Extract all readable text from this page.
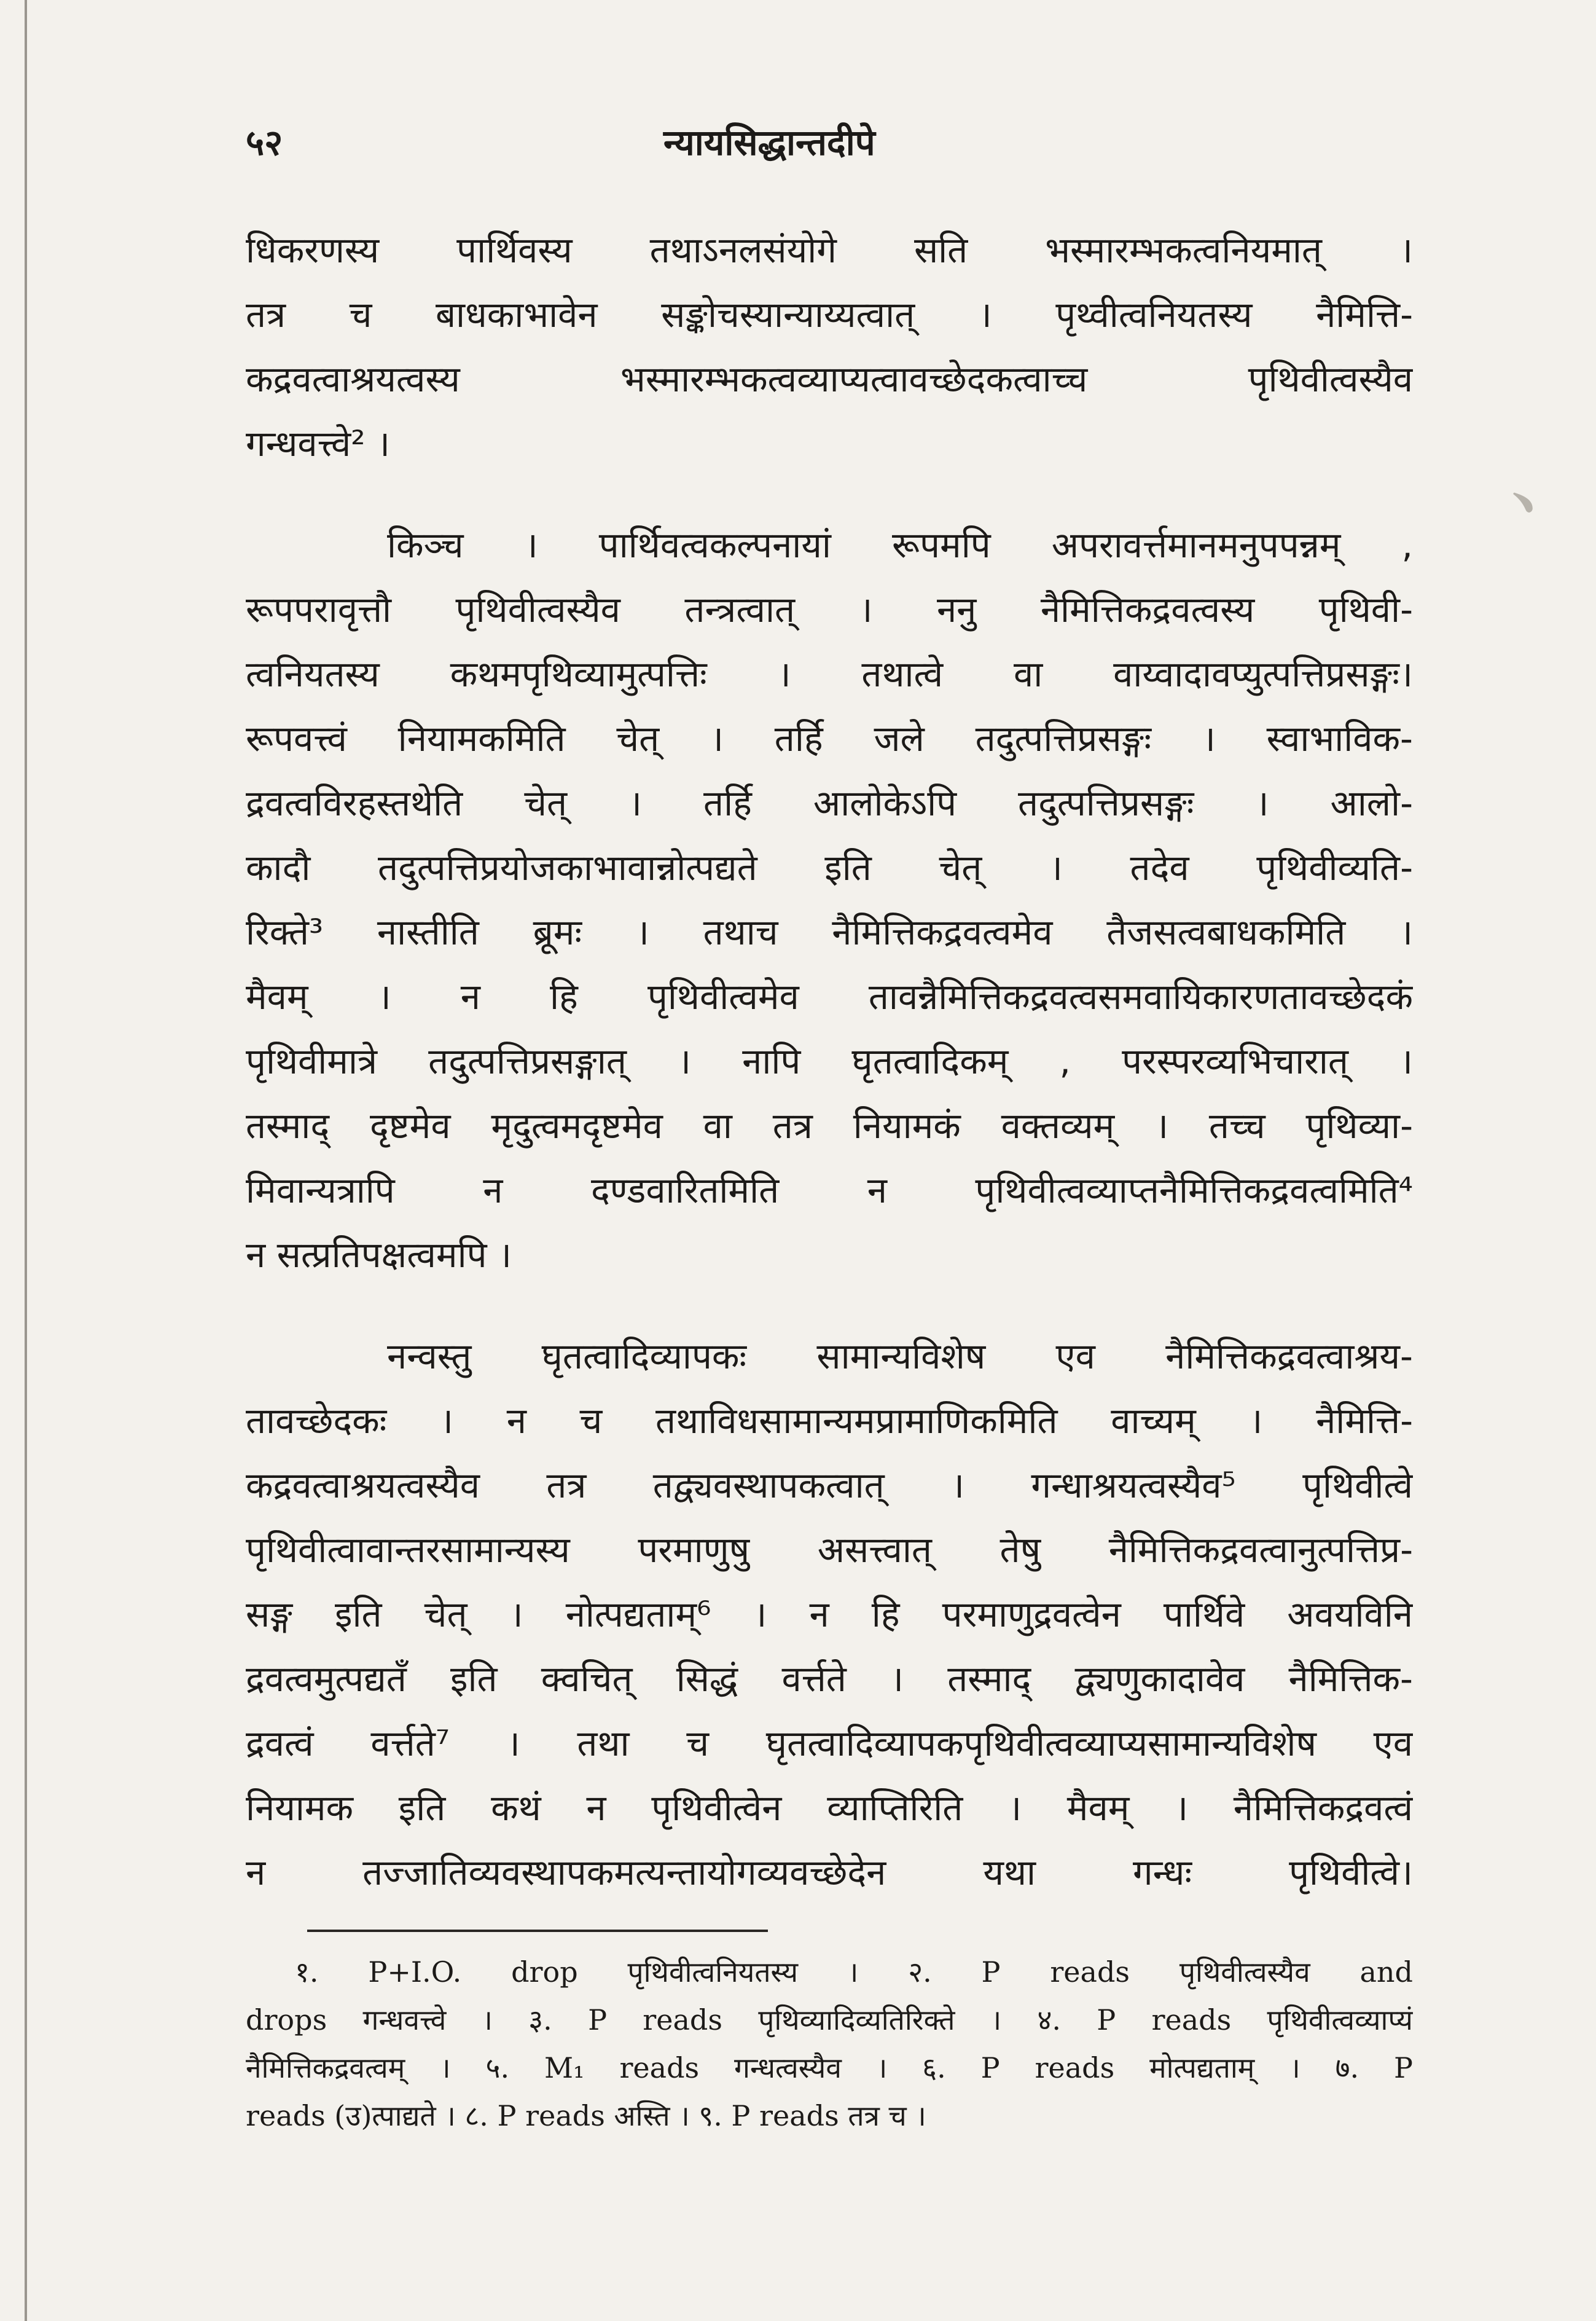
﹅
५२	न्यायसिद्धान्तदीपे
धिकरणस्य पार्थिवस्य तथाऽनलसंयोगे सति भस्मारम्भकत्वनियमात् ।
तत्र च बाधकाभावेन सङ्कोचस्यान्याय्यत्वात् । पृथ्वीत्वनियतस्य नैमित्ति-
कद्रवत्वाश्रयत्वस्य भस्मारम्भकत्वव्याप्यत्वावच्छेदकत्वाच्च पृथिवीत्वस्यैव
गन्धवत्त्वे² ।
किञ्च । पार्थिवत्वकल्पनायां रूपमपि अपरावर्त्तमानमनुपपन्नम् ,
रूपपरावृत्तौ पृथिवीत्वस्यैव तन्त्रत्वात् । ननु नैमित्तिकद्रवत्वस्य पृथिवी-
त्वनियतस्य कथमपृथिव्यामुत्पत्तिः । तथात्वे वा वाय्वादावप्युत्पत्तिप्रसङ्गः।
रूपवत्त्वं नियामकमिति चेत् । तर्हि जले तदुत्पत्तिप्रसङ्गः । स्वाभाविक-
द्रवत्वविरहस्तथेति चेत् । तर्हि आलोकेऽपि तदुत्पत्तिप्रसङ्गः । आलो-
कादौ तदुत्पत्तिप्रयोजकाभावान्नोत्पद्यते इति चेत् । तदेव पृथिवीव्यति-
रिक्ते³ नास्तीति ब्रूमः । तथाच नैमित्तिकद्रवत्वमेव तैजसत्वबाधकमिति ।
मैवम् । न हि पृथिवीत्वमेव तावन्नैमित्तिकद्रवत्वसमवायिकारणतावच्छेदकं
पृथिवीमात्रे तदुत्पत्तिप्रसङ्गात् । नापि घृतत्वादिकम् , परस्परव्यभिचारात् ।
तस्माद् दृष्टमेव मृदुत्वमदृष्टमेव वा तत्र नियामकं वक्तव्यम् । तच्च पृथिव्या-
मिवान्यत्रापि न दण्डवारितमिति न पृथिवीत्वव्याप्तनैमित्तिकद्रवत्वमिति⁴
न सत्प्रतिपक्षत्वमपि ।
नन्वस्तु घृतत्वादिव्यापकः सामान्यविशेष एव नैमित्तिकद्रवत्वाश्रय-
तावच्छेदकः । न च तथाविधसामान्यमप्रामाणिकमिति वाच्यम् । नैमित्ति-
कद्रवत्वाश्रयत्वस्यैव तत्र तद्व्यवस्थापकत्वात् । गन्धाश्रयत्वस्यैव⁵ पृथिवीत्वे
पृथिवीत्वावान्तरसामान्यस्य परमाणुषु असत्त्वात् तेषु नैमित्तिकद्रवत्वानुत्पत्तिप्र-
सङ्ग इति चेत् । नोत्पद्यताम्⁶ । न हि परमाणुद्रवत्वेन पार्थिवे अवयविनि
द्रवत्वमुत्पद्यतँ इति क्वचित् सिद्धं वर्त्तते । तस्माद् द्व्यणुकादावेव नैमित्तिक-
द्रवत्वं वर्त्तते⁷ । तथा च घृतत्वादिव्यापकपृथिवीत्वव्याप्यसामान्यविशेष एव
नियामक इति कथं न पृथिवीत्वेन व्याप्तिरिति । मैवम् । नैमित्तिकद्रवत्वं
न तज्जातिव्यवस्थापकमत्यन्तायोगव्यवच्छेदेन यथा गन्धः पृथिवीत्वे।
१. P+I.O. drop पृथिवीत्वनियतस्य । २. P reads पृथिवीत्वस्यैव and
drops गन्धवत्त्वे । ३. P reads पृथिव्यादिव्यतिरिक्ते । ४. P reads पृथिवीत्वव्याप्यं
नैमित्तिकद्रवत्वम् । ५. M₁ reads गन्धत्वस्यैव । ६. P reads मोत्पद्यताम् । ७. P
reads (उ)त्पाद्यते । ८. P reads अस्ति । ९. P reads तत्र च ।
